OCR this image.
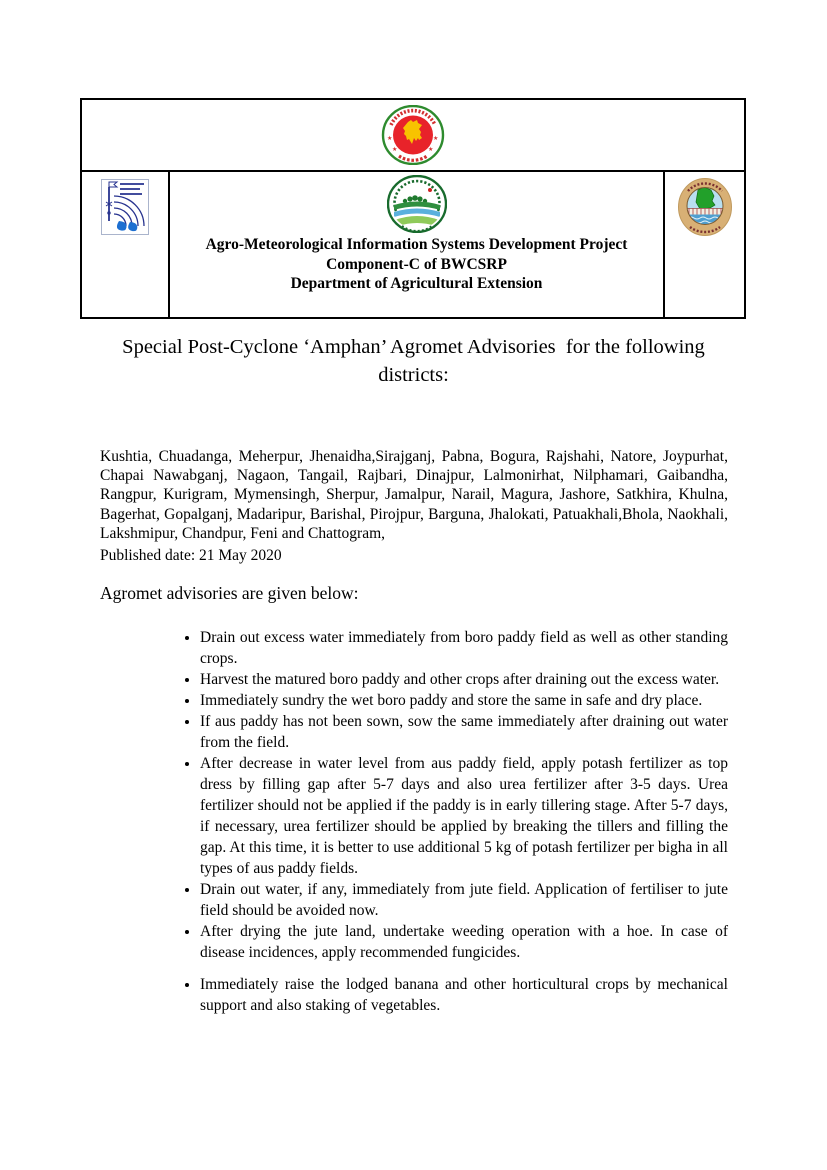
★	★
★	★
Agro-Meteorological Information Systems Development Project
Component-C of BWCSRP
Department of Agricultural Extension
Special Post-Cyclone ‘Amphan’ Agromet Advisories  for the following districts:

Kushtia, Chuadanga, Meherpur, Jhenaidha,Sirajganj, Pabna, Bogura, Rajshahi, Natore, Joypurhat, Chapai Nawabganj, Nagaon, Tangail, Rajbari, Dinajpur, Lalmonirhat, Nilphamari, Gaibandha, Rangpur, Kurigram, Mymensingh, Sherpur, Jamalpur, Narail, Magura, Jashore, Satkhira, Khulna, Bagerhat, Gopalganj, Madaripur, Barishal, Pirojpur, Barguna, Jhalokati, Patuakhali,Bhola, Naokhali, Lakshmipur, Chandpur, Feni and Chattogram,

Published date: 21 May 2020
Agromet advisories are given below:
• Drain out excess water immediately from boro paddy field as well as other standing crops.
• Harvest the matured boro paddy and other crops after draining out the excess water.
• Immediately sundry the wet boro paddy and store the same in safe and dry place.
• If aus paddy has not been sown, sow the same immediately after draining out water from the field.
• After decrease in water level from aus paddy field, apply potash fertilizer as top dress by filling gap after 5-7 days and also urea fertilizer after 3-5 days. Urea fertilizer should not be applied if the paddy is in early tillering stage. After 5-7 days, if necessary, urea fertilizer should be applied by breaking the tillers and filling the gap. At this time, it is better to use additional 5 kg of potash fertilizer per bigha in all types of aus paddy fields.
• Drain out water, if any, immediately from jute field. Application of fertiliser to jute field should be avoided now.
• After drying the jute land, undertake weeding operation with a hoe. In case of disease incidences, apply recommended fungicides.
• Immediately raise the lodged banana and other horticultural crops by mechanical support and also staking of vegetables.
